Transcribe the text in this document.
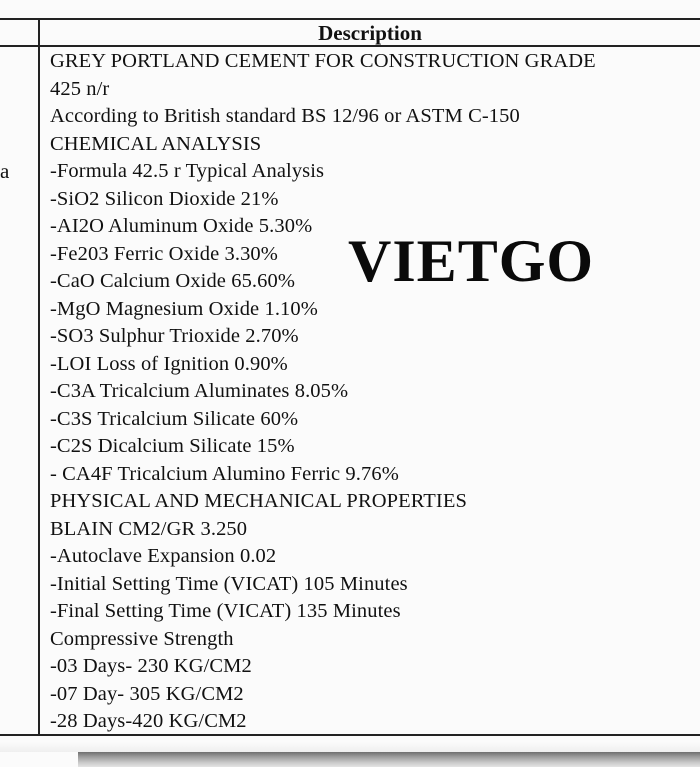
Description
a
GREY PORTLAND CEMENT FOR CONSTRUCTION GRADE
425 n/r
According to British standard BS 12/96 or ASTM C-150
CHEMICAL ANALYSIS
-Formula 42.5 r Typical Analysis
-SiO2 Silicon Dioxide 21%
-AI2O Aluminum Oxide 5.30%
-Fe203 Ferric Oxide 3.30%
-CaO Calcium Oxide 65.60%
-MgO Magnesium Oxide 1.10%
-SO3 Sulphur Trioxide 2.70%
-LOI Loss of Ignition 0.90%
-C3A Tricalcium Aluminates 8.05%
-C3S Tricalcium Silicate 60%
-C2S Dicalcium Silicate 15%
- CA4F Tricalcium Alumino Ferric 9.76%
PHYSICAL AND MECHANICAL PROPERTIES
BLAIN CM2/GR 3.250
-Autoclave Expansion 0.02
-Initial Setting Time (VICAT) 105 Minutes
-Final Setting Time (VICAT) 135 Minutes
Compressive Strength
-03 Days- 230 KG/CM2
-07 Day- 305 KG/CM2
-28 Days-420 KG/CM2
VIETGO
